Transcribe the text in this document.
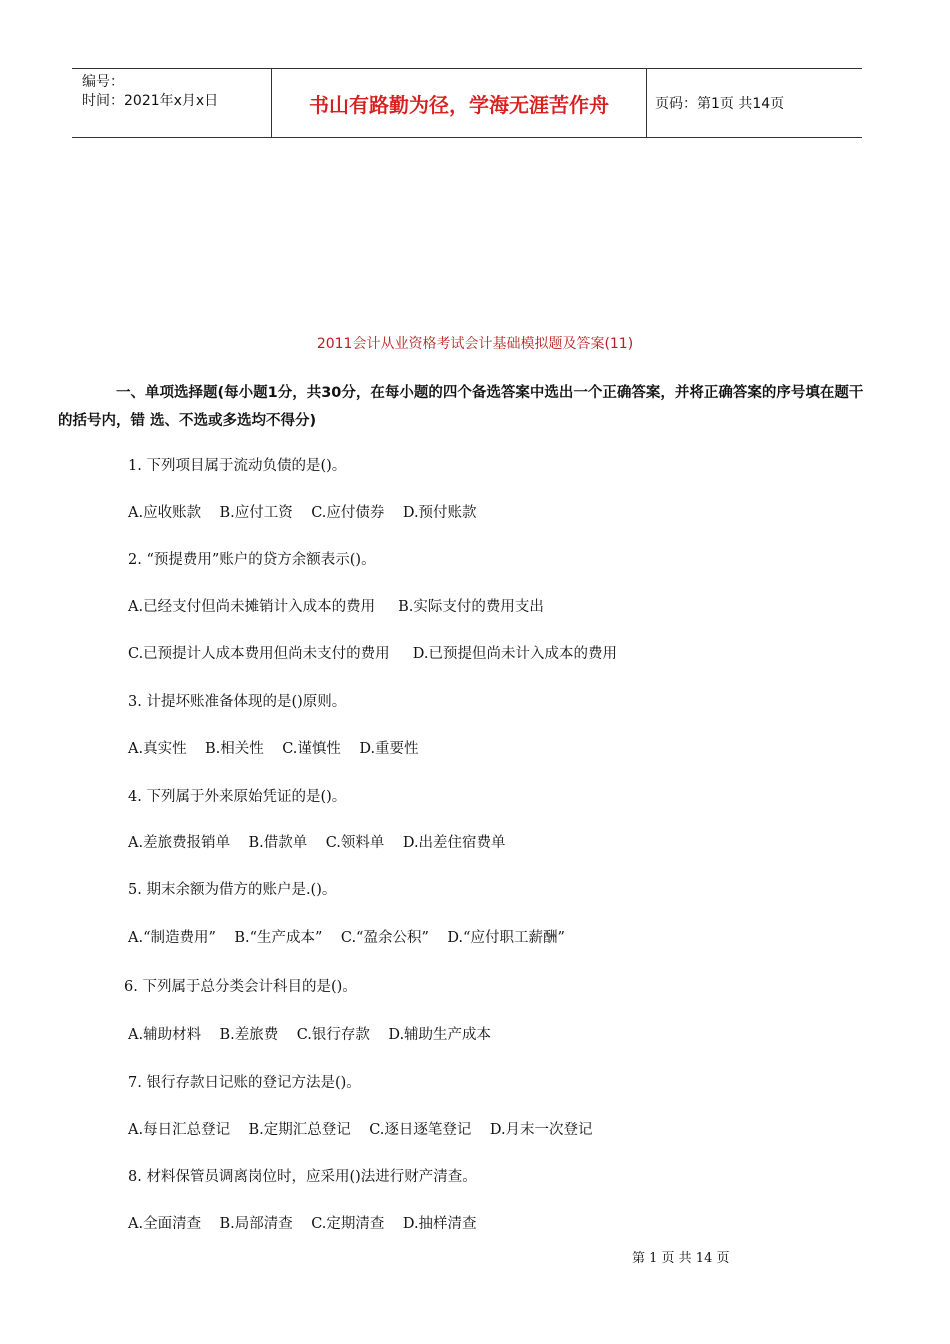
编号：
时间：2021年x月x日	书山有路勤为径，学海无涯苦作舟	页码：第1页 共14页
2011会计从业资格考试会计基础模拟题及答案(11)
一、单项选择题(每小题1分，共30分，在每小题的四个备选答案中选出一个正确答案，并将正确答案的序号填在题干的括号内，错 选、不选或多选均不得分)
1. 下列项目属于流动负债的是()。
A.应收账款    B.应付工资    C.应付债券    D.预付账款
2. “预提费用”账户的贷方余额表示()。
A.已经支付但尚未摊销计入成本的费用     B.实际支付的费用支出
C.已预提计人成本费用但尚未支付的费用     D.已预提但尚未计入成本的费用
3. 计提坏账准备体现的是()原则。
A.真实性    B.相关性    C.谨慎性    D.重要性
4. 下列属于外来原始凭证的是()。
A.差旅费报销单    B.借款单    C.领料单    D.出差住宿费单
5. 期末余额为借方的账户是.()。
A.“制造费用”    B.“生产成本”    C.“盈余公积”    D.“应付职工薪酬”
6. 下列属于总分类会计科目的是()。
A.辅助材料    B.差旅费    C.银行存款    D.辅助生产成本
7. 银行存款日记账的登记方法是()。
A.每日汇总登记    B.定期汇总登记    C.逐日逐笔登记    D.月末一次登记
8. 材料保管员调离岗位时，应采用()法进行财产清查。
A.全面清查    B.局部清查    C.定期清查    D.抽样清查
第 1 页 共 14 页
